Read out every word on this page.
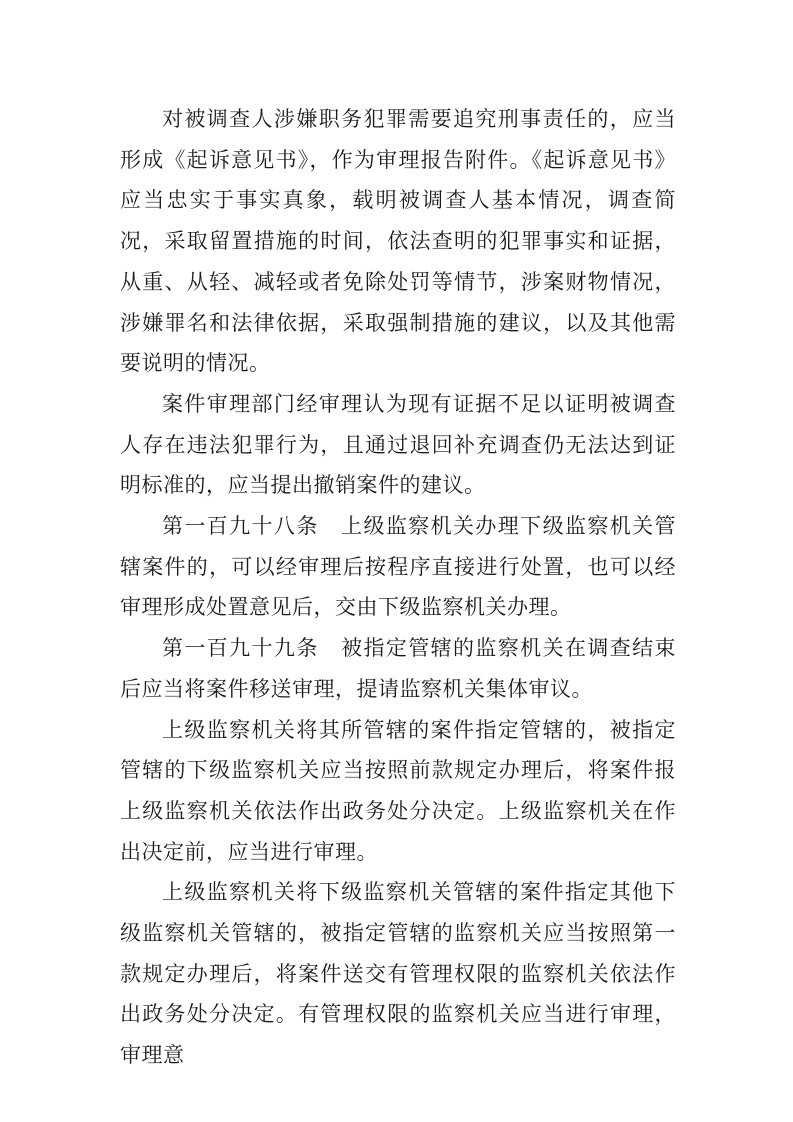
对被调查人涉嫌职务犯罪需要追究刑事责任的，应当形成《起诉意见书》，作为审理报告附件。《起诉意见书》应当忠实于事实真象，载明被调查人基本情况，调查简况，采取留置措施的时间，依法查明的犯罪事实和证据，从重、从轻、减轻或者免除处罚等情节，涉案财物情况，涉嫌罪名和法律依据，采取强制措施的建议，以及其他需要说明的情况。

案件审理部门经审理认为现有证据不足以证明被调查人存在违法犯罪行为，且通过退回补充调查仍无法达到证明标准的，应当提出撤销案件的建议。

第一百九十八条　上级监察机关办理下级监察机关管辖案件的，可以经审理后按程序直接进行处置，也可以经审理形成处置意见后，交由下级监察机关办理。

第一百九十九条　被指定管辖的监察机关在调查结束后应当将案件移送审理，提请监察机关集体审议。

上级监察机关将其所管辖的案件指定管辖的，被指定管辖的下级监察机关应当按照前款规定办理后，将案件报上级监察机关依法作出政务处分决定。上级监察机关在作出决定前，应当进行审理。

上级监察机关将下级监察机关管辖的案件指定其他下级监察机关管辖的，被指定管辖的监察机关应当按照第一款规定办理后，将案件送交有管理权限的监察机关依法作出政务处分决定。有管理权限的监察机关应当进行审理，审理意
